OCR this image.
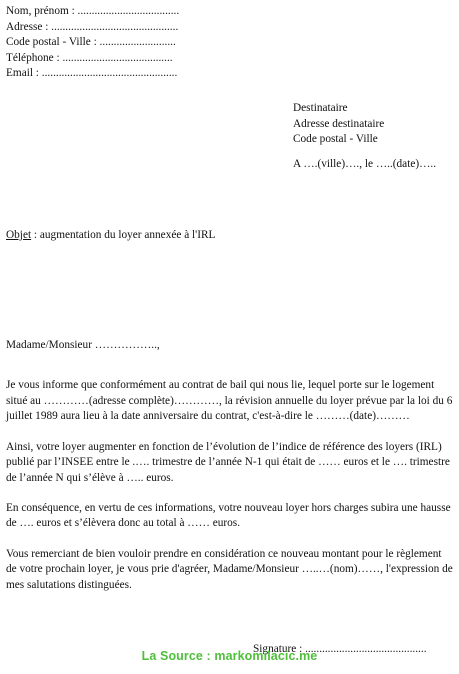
Nom, prénom : ....................................
Adresse : .............................................
Code postal - Ville : ...........................
Téléphone : .......................................
Email : ................................................
Destinataire
Adresse destinataire
Code postal - Ville
A ….(ville)…., le …..(date)…..
Objet : augmentation du loyer annexée à l'IRL
Madame/Monsieur ……………..,

Je vous informe que conformément au contrat de bail qui nous lie, lequel porte sur le logement situé au …………(adresse complète)…………, la révision annuelle du loyer prévue par la loi du 6 juillet 1989 aura lieu à la date anniversaire du contrat, c'est-à-dire le ………(date)………

Ainsi, votre loyer augmenter en fonction de l’évolution de l’indice de référence des loyers (IRL) publié par l’INSEE entre le .…. trimestre de l’année N-1 qui était de …… euros et le …. trimestre de l’année N qui s’élève à ….. euros.

En conséquence, en vertu de ces informations, votre nouveau loyer hors charges subira une hausse de …. euros et s’élèvera donc au total à …… euros.

Vous remerciant de bien vouloir prendre en considération ce nouveau montant pour le règlement de votre prochain loyer, je vous prie d'agréer, Madame/Monsieur …..…(nom)……, l'expression de mes salutations distinguées.

Signature : ...........................................
La Source : markomilacic.me
